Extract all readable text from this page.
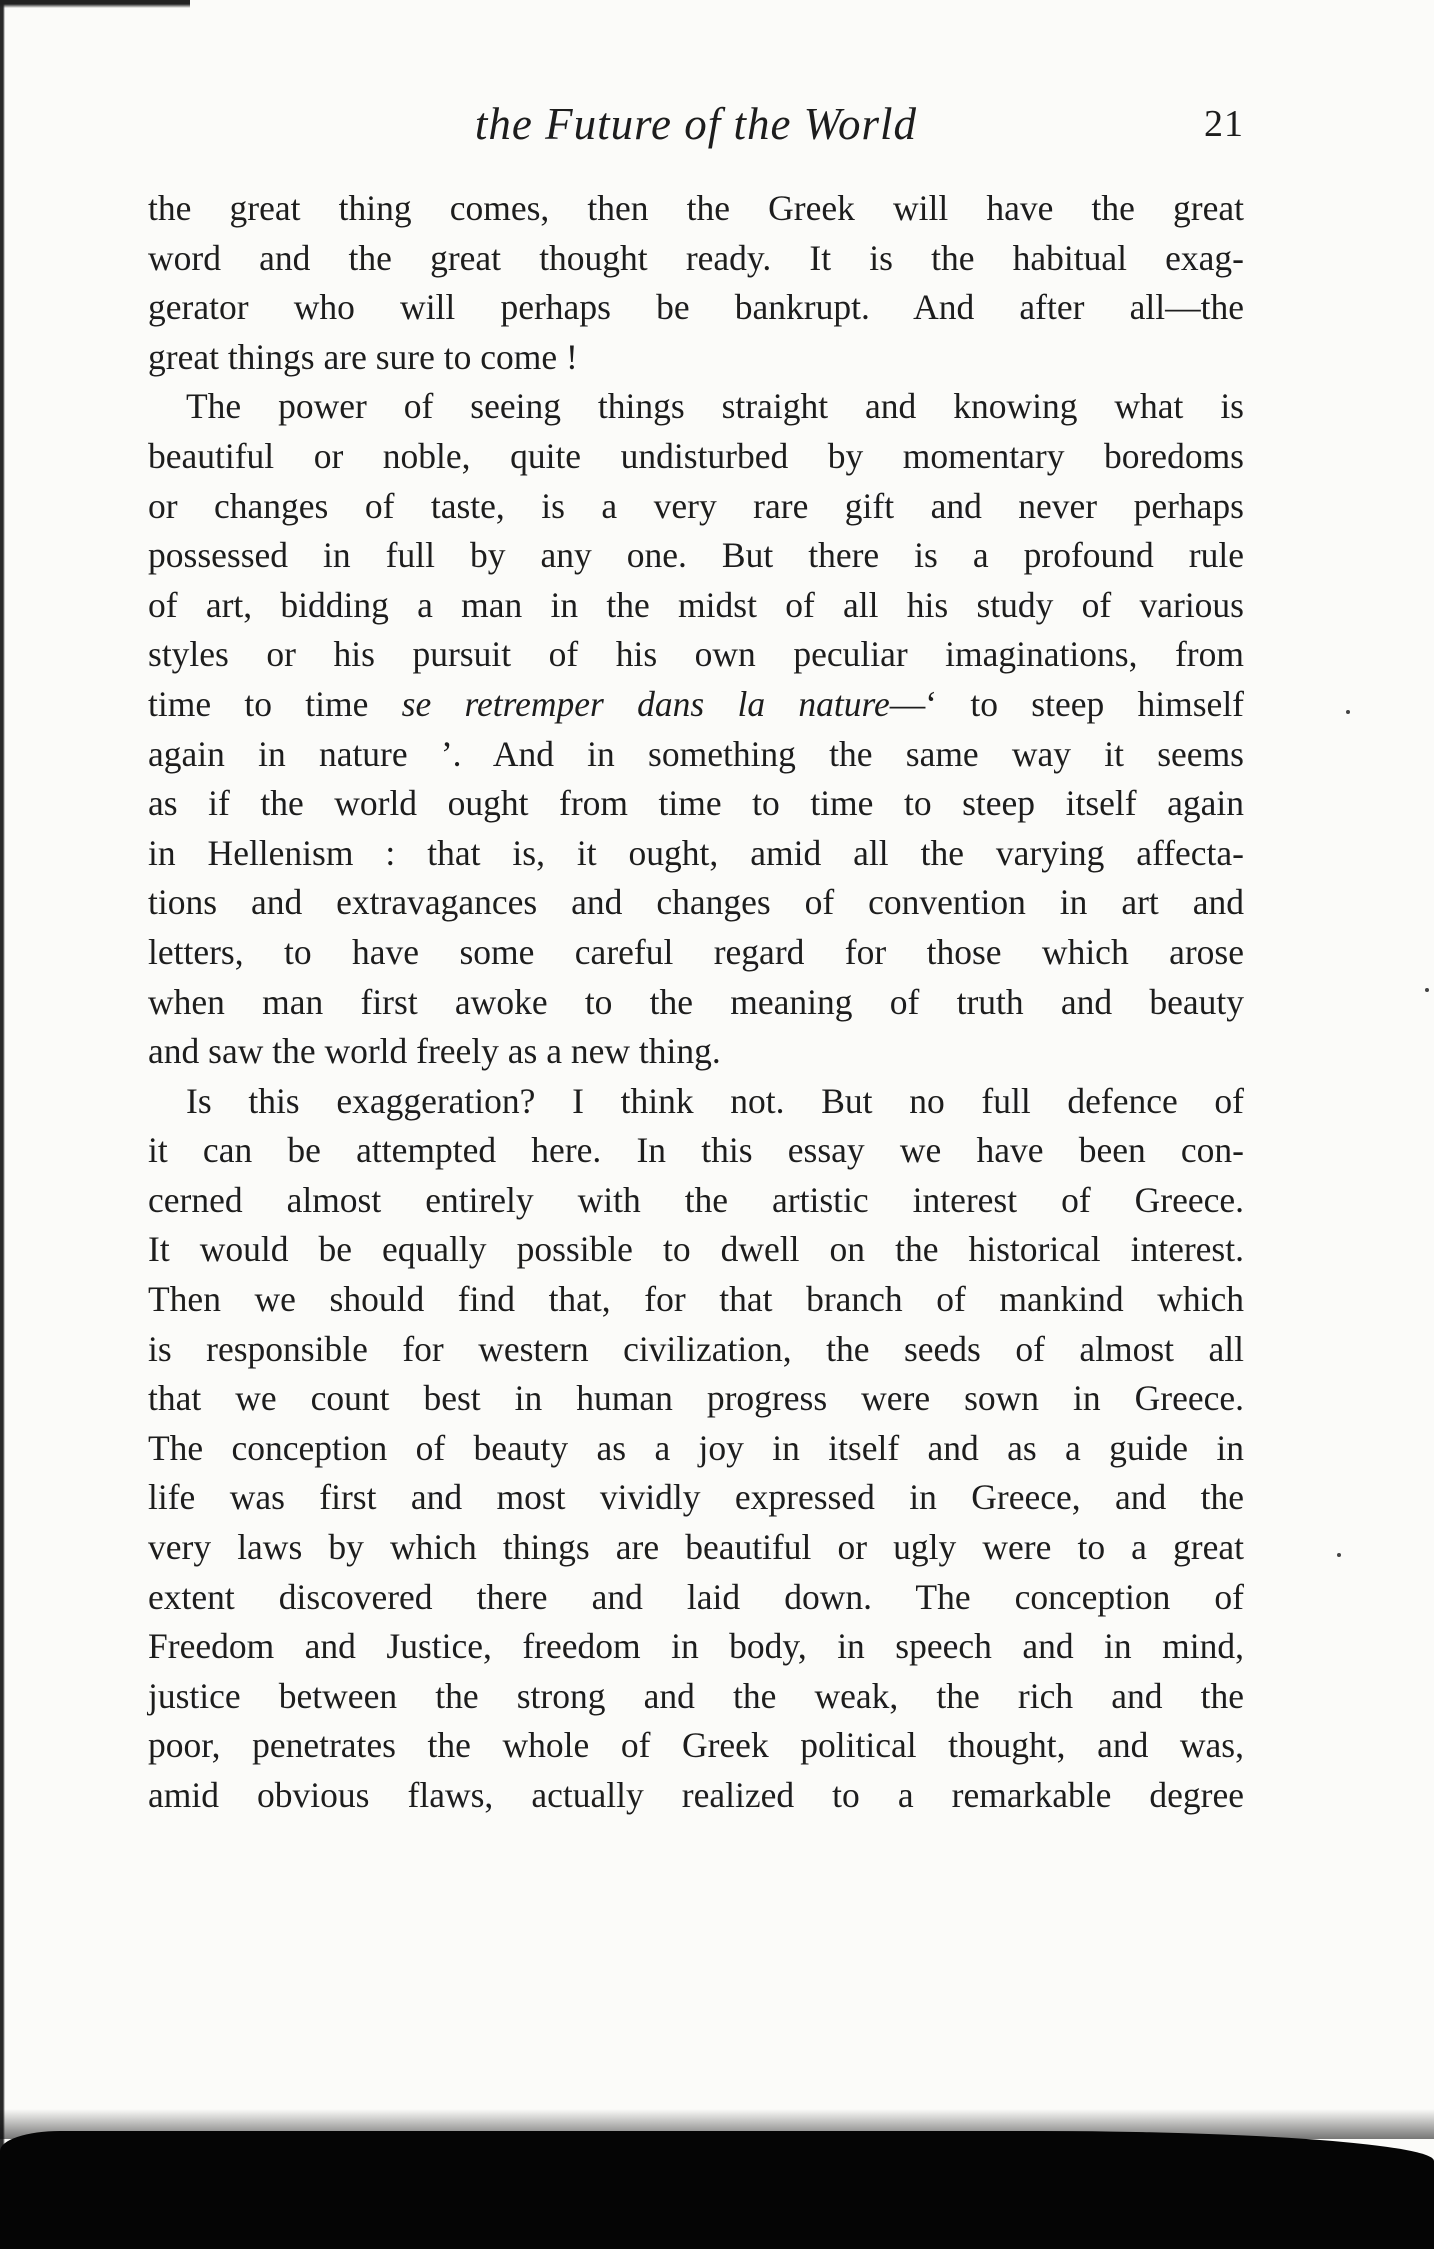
the Future of the World	21
the great thing comes, then the Greek will have the great
word and the great thought ready. It is the habitual exag-
gerator who will perhaps be bankrupt. And after all—the
great things are sure to come !
The power of seeing things straight and knowing what is
beautiful or noble, quite undisturbed by momentary boredoms
or changes of taste, is a very rare gift and never perhaps
possessed in full by any one. But there is a profound rule
of art, bidding a man in the midst of all his study of various
styles or his pursuit of his own peculiar imaginations, from
time to time se retremper dans la nature—‘ to steep himself
again in nature ’. And in something the same way it seems
as if the world ought from time to time to steep itself again
in Hellenism : that is, it ought, amid all the varying affecta-
tions and extravagances and changes of convention in art and
letters, to have some careful regard for those which arose
when man first awoke to the meaning of truth and beauty
and saw the world freely as a new thing.
Is this exaggeration? I think not. But no full defence of
it can be attempted here. In this essay we have been con-
cerned almost entirely with the artistic interest of Greece.
It would be equally possible to dwell on the historical interest.
Then we should find that, for that branch of mankind which
is responsible for western civilization, the seeds of almost all
that we count best in human progress were sown in Greece.
The conception of beauty as a joy in itself and as a guide in
life was first and most vividly expressed in Greece, and the
very laws by which things are beautiful or ugly were to a great
extent discovered there and laid down. The conception of
Freedom and Justice, freedom in body, in speech and in mind,
justice between the strong and the weak, the rich and the
poor, penetrates the whole of Greek political thought, and was,
amid obvious flaws, actually realized to a remarkable degree
